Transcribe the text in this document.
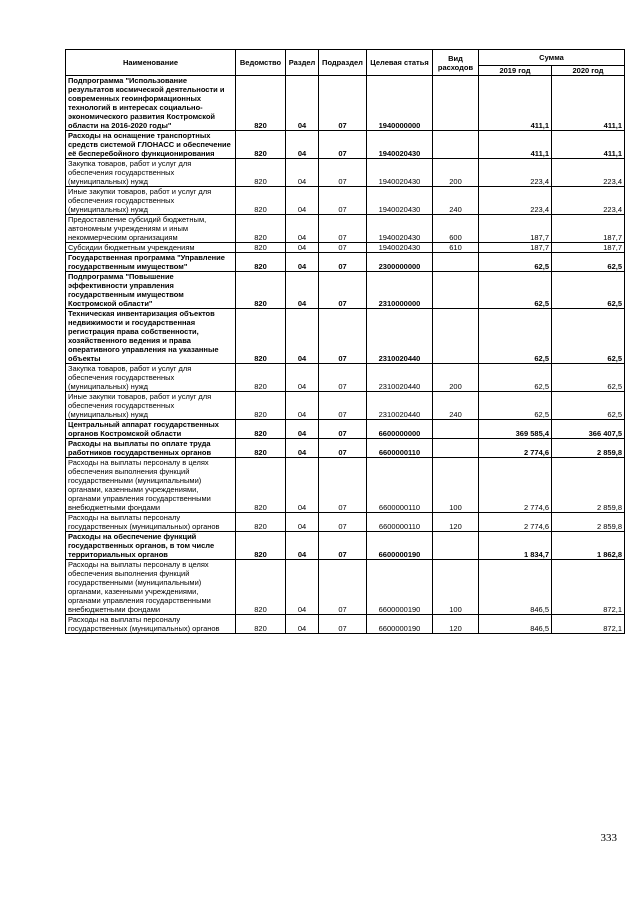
Наименование	Ведомство	Раздел	Подраздел	Целевая статья	Вид расходов	Сумма	
						2019 год	2020 год
Подпрограмма "Использование результатов космической деятельности и современных геоинформационных технологий в интересах социально-экономического развития Костромской области на 2016-2020 годы"	820	04	07	1940000000		411,1	411,1
Расходы на оснащение транспортных средств системой ГЛОНАСС и обеспечение её бесперебойного функционирования	820	04	07	1940020430		411,1	411,1
Закупка товаров, работ и услуг для обеспечения государственных (муниципальных) нужд	820	04	07	1940020430	200	223,4	223,4
Иные закупки товаров, работ и услуг для обеспечения государственных (муниципальных) нужд	820	04	07	1940020430	240	223,4	223,4
Предоставление субсидий бюджетным, автономным учреждениям и иным некоммерческим организациям	820	04	07	1940020430	600	187,7	187,7
Субсидии бюджетным учреждениям	820	04	07	1940020430	610	187,7	187,7
Государственная программа "Управление государственным имуществом"	820	04	07	2300000000		62,5	62,5
Подпрограмма "Повышение эффективности управления государственным имуществом Костромской области"	820	04	07	2310000000		62,5	62,5
Техническая инвентаризация объектов недвижимости и государственная регистрация права собственности, хозяйственного ведения и права оперативного управления на указанные объекты	820	04	07	2310020440		62,5	62,5
Закупка товаров, работ и услуг для обеспечения государственных (муниципальных) нужд	820	04	07	2310020440	200	62,5	62,5
Иные закупки товаров, работ и услуг для обеспечения государственных (муниципальных) нужд	820	04	07	2310020440	240	62,5	62,5
Центральный аппарат государственных органов Костромской области	820	04	07	6600000000		369 585,4	366 407,5
Расходы на выплаты по оплате труда работников государственных органов	820	04	07	6600000110		2 774,6	2 859,8
Расходы на выплаты персоналу в целях обеспечения выполнения функций государственными (муниципальными) органами, казенными учреждениями, органами управления государственными внебюджетными фондами	820	04	07	6600000110	100	2 774,6	2 859,8
Расходы на выплаты персоналу государственных (муниципальных) органов	820	04	07	6600000110	120	2 774,6	2 859,8
Расходы на обеспечение функций государственных органов, в том числе территориальных органов	820	04	07	6600000190		1 834,7	1 862,8
Расходы на выплаты персоналу в целях обеспечения выполнения функций государственными (муниципальными) органами, казенными учреждениями, органами управления государственными внебюджетными фондами	820	04	07	6600000190	100	846,5	872,1
Расходы на выплаты персоналу государственных (муниципальных) органов	820	04	07	6600000190	120	846,5	872,1
333
